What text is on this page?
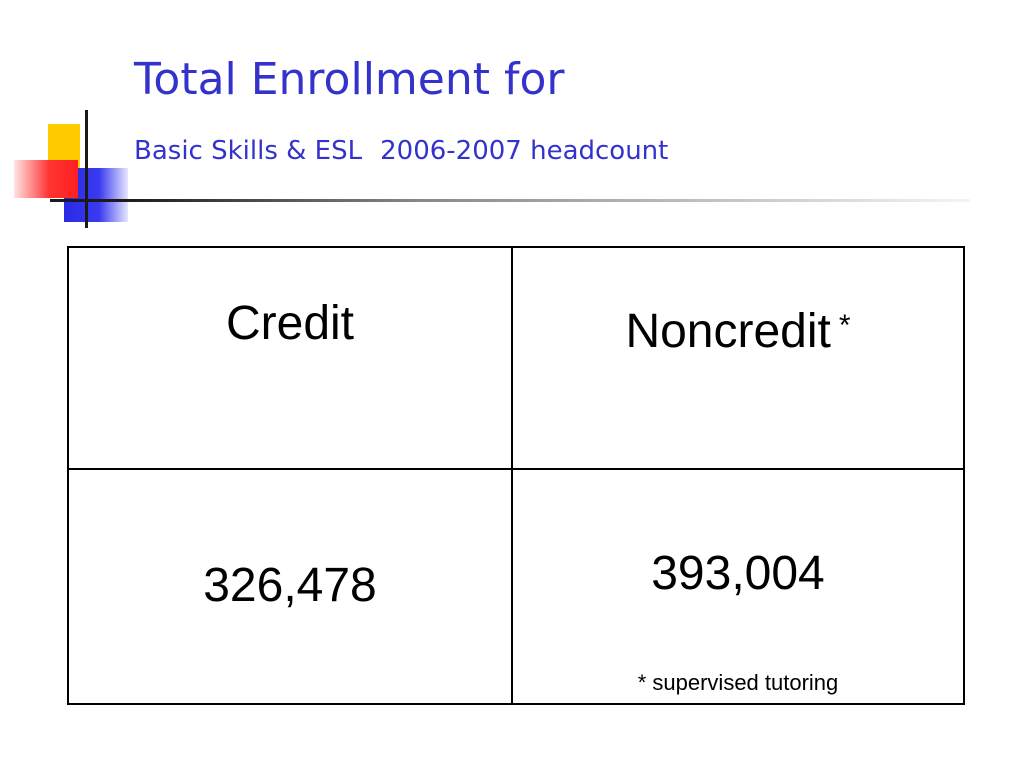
Total Enrollment for
Basic Skills & ESL 2006-2007 headcount
Credit	Noncredit *
326,478	393,004
* supervised tutoring
